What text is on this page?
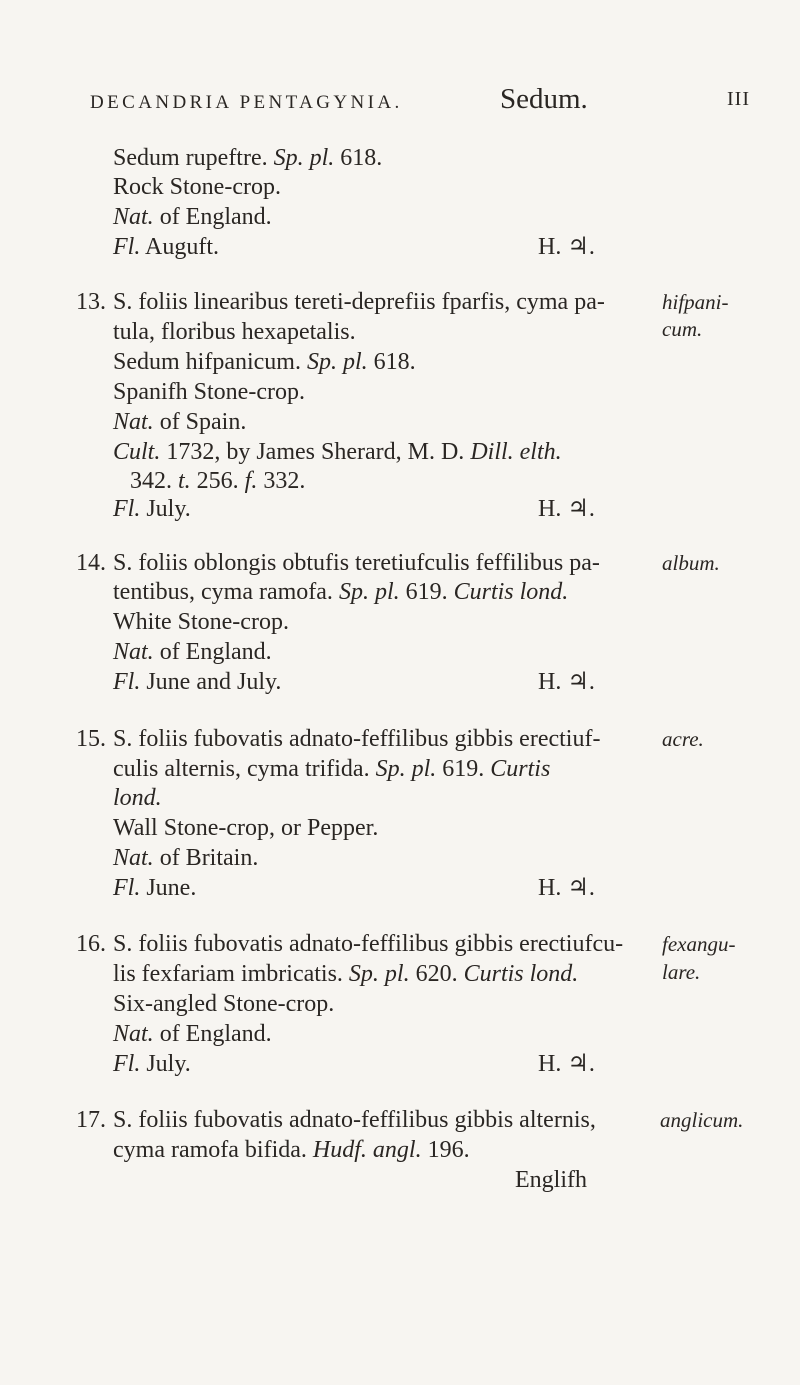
DECANDRIA PENTAGYNIA.	Sedum.	III
Sedum rupeftre. Sp. pl. 618.
Rock Stone-crop.
Nat. of England.
Fl. Auguft.	H. ♃.
13. S. foliis linearibus tereti-deprefiis fparfis, cyma pa-
tula, floribus hexapetalis.
Sedum hifpanicum. Sp. pl. 618.
Spanifh Stone-crop.
Nat. of Spain.
Cult. 1732, by James Sherard, M. D. Dill. elth.
342. t. 256. f. 332.
Fl. July.	H. ♃.
hifpani-
cum.
14. S. foliis oblongis obtufis teretiufculis feffilibus pa-
tentibus, cyma ramofa. Sp. pl. 619. Curtis lond.
White Stone-crop.
Nat. of England.
Fl. June and July.	H. ♃.
album.
15. S. foliis fubovatis adnato-feffilibus gibbis erectiuf-
culis alternis, cyma trifida. Sp. pl. 619. Curtis
lond.
Wall Stone-crop, or Pepper.
Nat. of Britain.
Fl. June.	H. ♃.
acre.
16. S. foliis fubovatis adnato-feffilibus gibbis erectiufcu-
lis fexfariam imbricatis. Sp. pl. 620. Curtis lond.
Six-angled Stone-crop.
Nat. of England.
Fl. July.	H. ♃.
fexangu-
lare.
17. S. foliis fubovatis adnato-feffilibus gibbis alternis,
cyma ramofa bifida. Hudf. angl. 196.
Englifh
anglicum.
